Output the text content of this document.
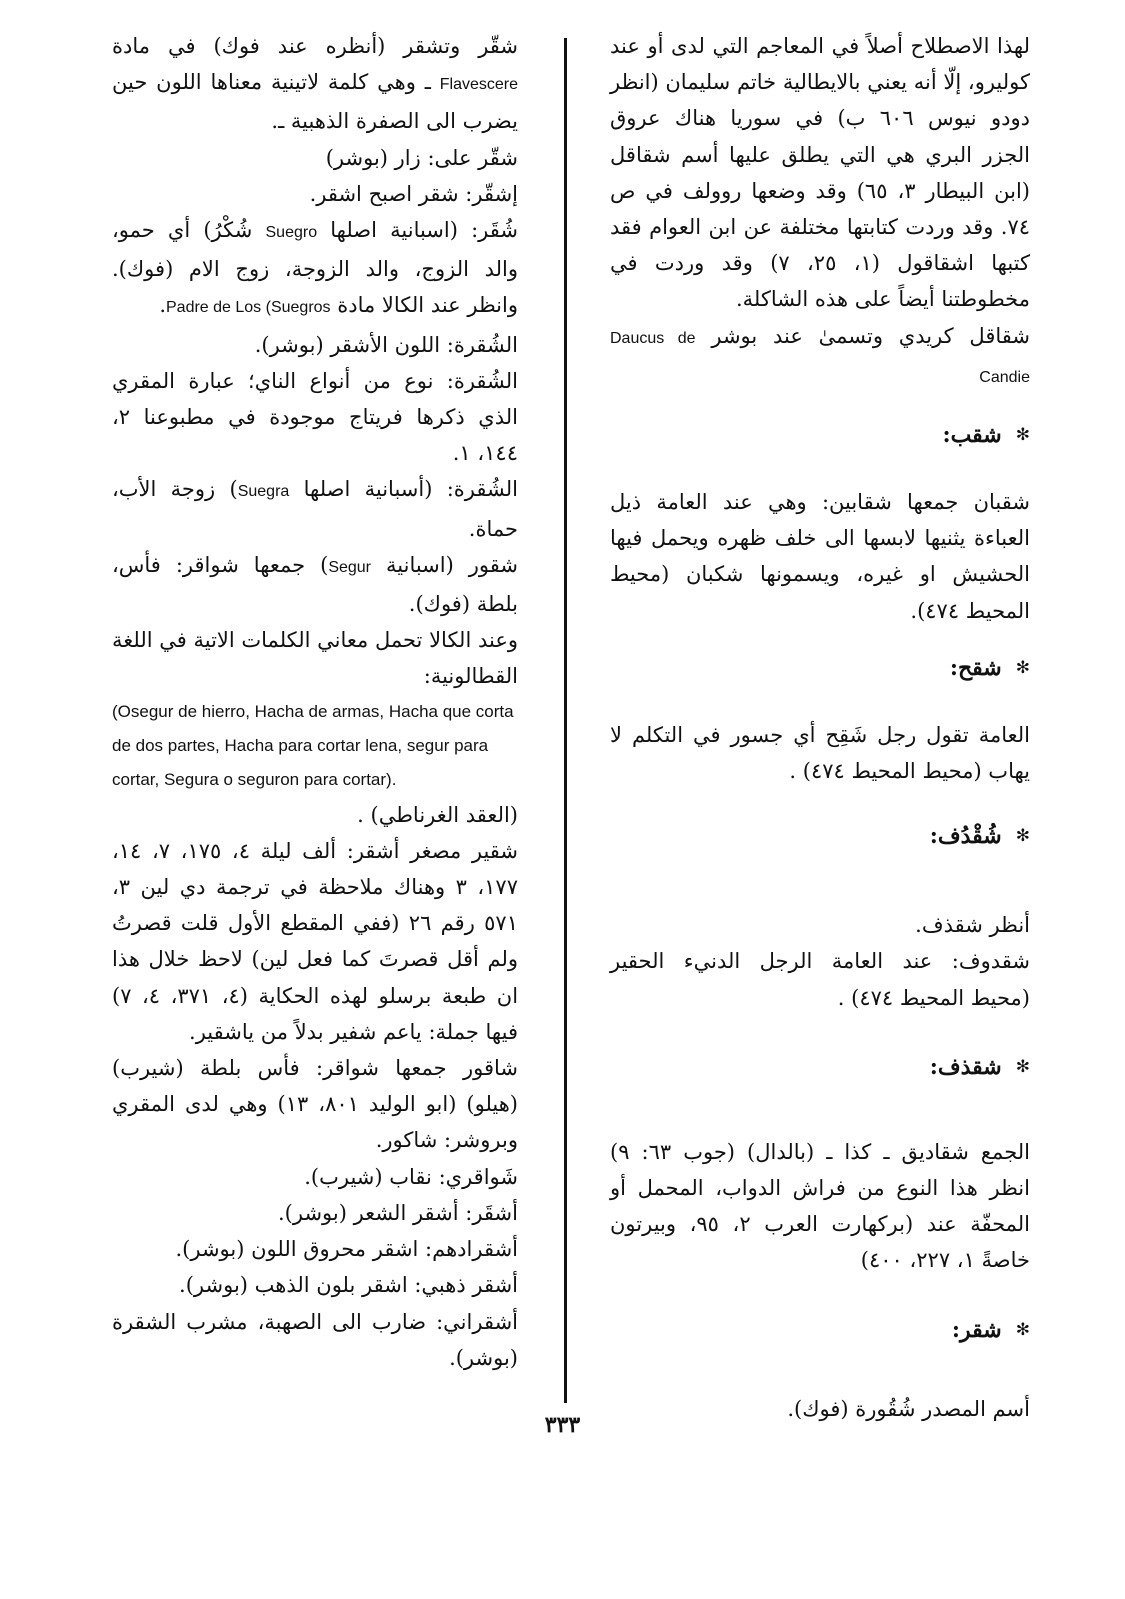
لهذا الاصطلاح أصلاً في المعاجم التي لدى أو عند كوليرو، إلّا أنه يعني بالايطالية خاتم سليمان (انظر دودو نيوس ٦٠٦ ب) في سوريا هناك عروق الجزر البري هي التي يطلق عليها أسم شقاقل (ابن البيطار ٣، ٦٥) وقد وضعها روولف في ص ٧٤. وقد وردت كتابتها مختلفة عن ابن العوام فقد كتبها اشقاقول (١، ٢٥، ٧) وقد وردت في مخطوطتنا أيضاً على هذه الشاكلة.

شقاقل كريدي وتسمىٰ عند بوشر Daucus de Candie

✻
شقب:

شقبان جمعها شقابين: وهي عند العامة ذيل العباءة يثنيها لابسها الى خلف ظهره ويحمل فيها الحشيش او غيره، ويسمونها شكبان (محيط المحيط ٤٧٤).

✻
شقح:

العامة تقول رجل شَقِح أي جسور في التكلم لا يهاب (محيط المحيط ٤٧٤) .

✻
شُقْدُف:

أنظر شقذف.

شقدوف: عند العامة الرجل الدنيء الحقير (محيط المحيط ٤٧٤) .

✻
شقذف:

الجمع شقاديق ـ كذا ـ (بالدال) (جوب ٦٣: ٩) انظر هذا النوع من فراش الدواب، المحمل أو المحفّة عند (بركهارت العرب ٢، ٩٥، وبيرتون خاصةً ١، ٢٢٧، ٤٠٠)

✻
شقر:

أسم المصدر شُقُورة (فوك).

شقّر وتشقر (أنظره عند فوك) في مادة Flavescere ـ وهي كلمة لاتينية معناها اللون حين يضرب الى الصفرة الذهبية ـ.

شقّر على: زار (بوشر)

إشقّر: شقر اصبح اشقر.

شُقَر: (اسبانية اصلها Suegro شُكْرُ) أي حمو، والد الزوج، والد الزوجة، زوج الام (فوك). وانظر عند الكالا مادة Padre de Los (Suegros.

الشُقرة: اللون الأشقر (بوشر).

الشُقرة: نوع من أنواع الناي؛ عبارة المقري الذي ذكرها فريتاج موجودة في مطبوعنا ٢، ١٤٤، ١.

الشُقرة: (أسبانية اصلها Suegra) زوجة الأب، حماة.

شقور (اسبانية Segur) جمعها شواقر: فأس، بلطة (فوك).

وعند الكالا تحمل معاني الكلمات الاتية في اللغة القطالونية:

(Osegur de hierro, Hacha de armas, Hacha que corta de dos partes, Hacha para cortar lena, segur para cortar, Segura o seguron para cortar).

(العقد الغرناطي) .

شقير مصغر أشقر: ألف ليلة ٤، ١٧٥، ٧، ١٤، ١٧٧، ٣ وهناك ملاحظة في ترجمة دي لين ٣، ٥٧١ رقم ٢٦ (ففي المقطع الأول قلت قصرتُ ولم أقل قصرتَ كما فعل لين) لاحظ خلال هذا ان طبعة برسلو لهذه الحكاية (٤، ٣٧١، ٤، ٧) فيها جملة: ياعم شفير بدلاً من ياشقير.

شاقور جمعها شواقر: فأس بلطة (شيرب) (هيلو) (ابو الوليد ٨٠١، ١٣) وهي لدى المقري وبروشر: شاكور.

شَواقري: نقاب (شيرب).

أشقَر: أشقر الشعر (بوشر).

أشقرادهم: اشقر محروق اللون (بوشر).

أشقر ذهبي: اشقر بلون الذهب (بوشر).

أشقراني: ضارب الى الصهبة، مشرب الشقرة (بوشر).

٣٣٣
